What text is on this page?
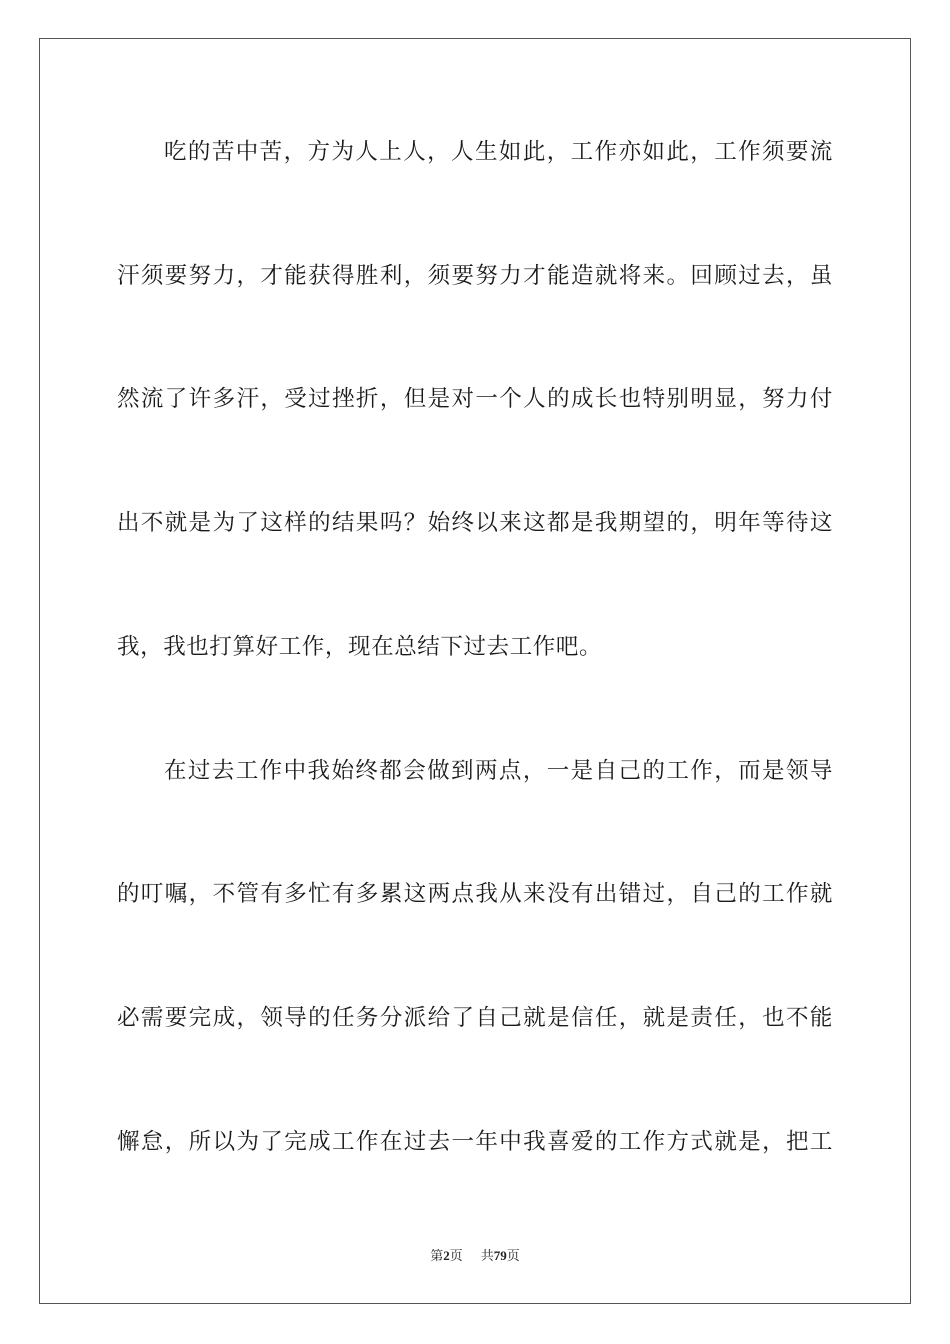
吃的苦中苦，方为人上人，人生如此，工作亦如此，工作须要流
汗须要努力，才能获得胜利，须要努力才能造就将来。回顾过去，虽
然流了许多汗，受过挫折，但是对一个人的成长也特别明显，努力付
出不就是为了这样的结果吗？始终以来这都是我期望的，明年等待这
我，我也打算好工作，现在总结下过去工作吧。
在过去工作中我始终都会做到两点，一是自己的工作，而是领导
的叮嘱，不管有多忙有多累这两点我从来没有出错过，自己的工作就
必需要完成，领导的任务分派给了自己就是信任，就是责任，也不能
懈怠，所以为了完成工作在过去一年中我喜爱的工作方式就是，把工
第2页 共79页
